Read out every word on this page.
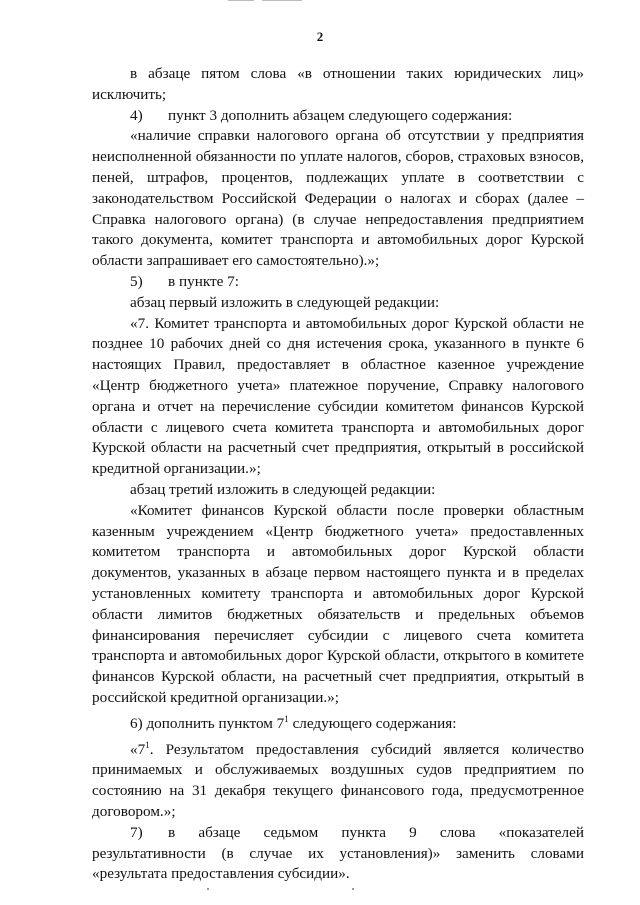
2

в абзаце пятом слова «в отношении таких юридических лиц» исключить;

4) пункт 3 дополнить абзацем следующего содержания:

«наличие справки налогового органа об отсутствии у предприятия неисполненной обязанности по уплате налогов, сборов, страховых взносов, пеней, штрафов, процентов, подлежащих уплате в соответствии с законодательством Российской Федерации о налогах и сборах (далее – Справка налогового органа) (в случае непредоставления предприятием такого документа, комитет транспорта и автомобильных дорог Курской области запрашивает его самостоятельно).»;

5) в пункте 7:

абзац первый изложить в следующей редакции:

«7. Комитет транспорта и автомобильных дорог Курской области не позднее 10 рабочих дней со дня истечения срока, указанного в пункте 6 настоящих Правил, предоставляет в областное казенное учреждение «Центр бюджетного учета» платежное поручение, Справку налогового органа и отчет на перечисление субсидии комитетом финансов Курской области с лицевого счета комитета транспорта и автомобильных дорог Курской области на расчетный счет предприятия, открытый в российской кредитной организации.»;

абзац третий изложить в следующей редакции:

«Комитет финансов Курской области после проверки областным казенным учреждением «Центр бюджетного учета» предоставленных комитетом транспорта и автомобильных дорог Курской области документов, указанных в абзаце первом настоящего пункта и в пределах установленных комитету транспорта и автомобильных дорог Курской области лимитов бюджетных обязательств и предельных объемов финансирования перечисляет субсидии с лицевого счета комитета транспорта и автомобильных дорог Курской области, открытого в комитете финансов Курской области, на расчетный счет предприятия, открытый в российской кредитной организации.»;

6) дополнить пунктом $7^1$ следующего содержания:

«$7^1$. Результатом предоставления субсидий является количество принимаемых и обслуживаемых воздушных судов предприятием по состоянию на 31 декабря текущего финансового года, предусмотренное договором.»;

7) в абзаце седьмом пункта 9 слова «показателей результативности (в случае их установления)» заменить словами «результата предоставления субсидии».
